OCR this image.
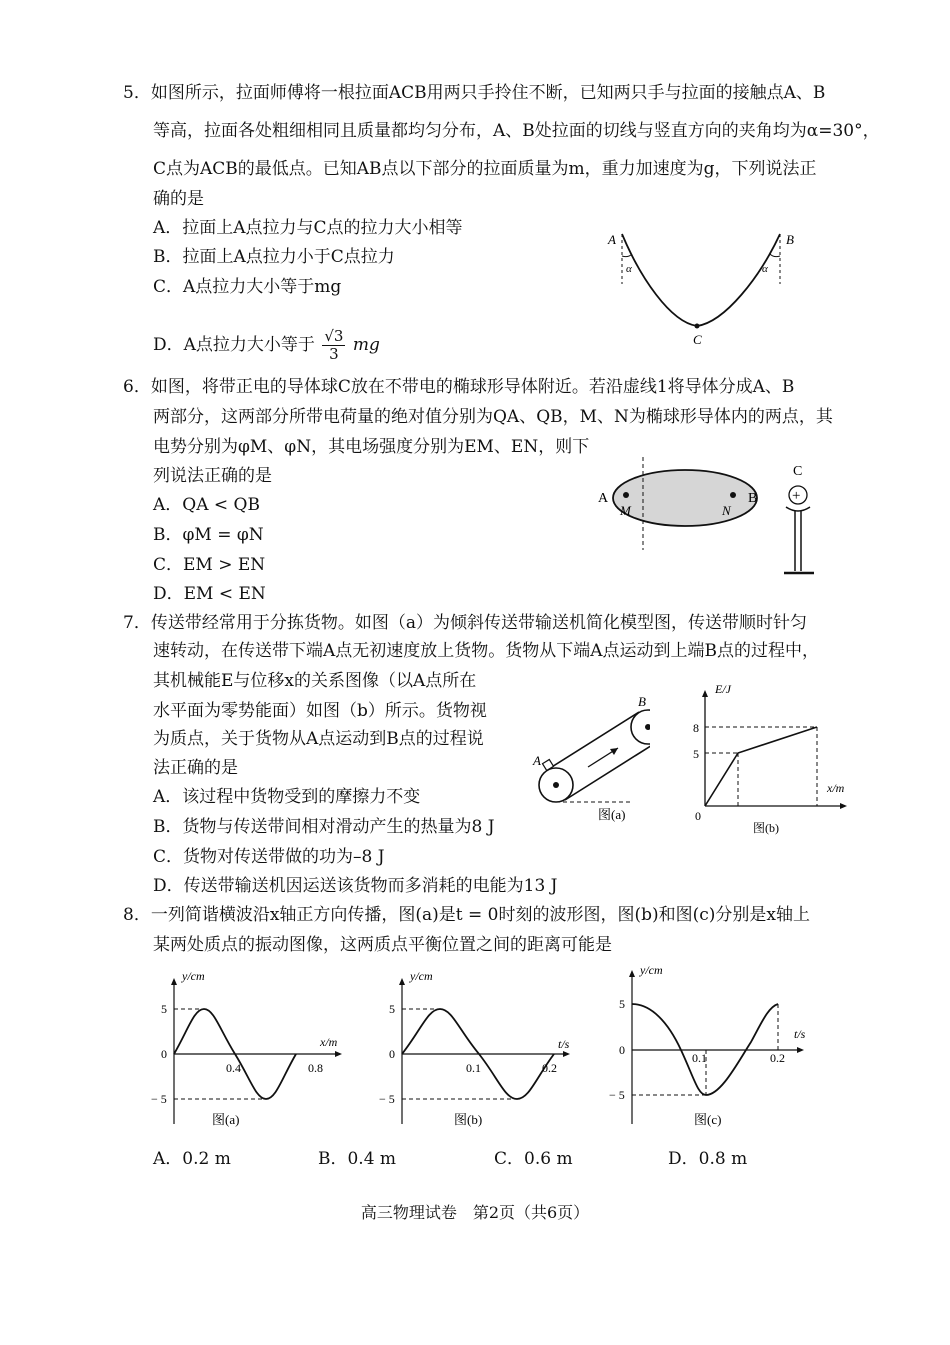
5．如图所示，拉面师傅将一根拉面ACB用两只手拎住不断，已知两只手与拉面的接触点A、B
等高，拉面各处粗细相同且质量都均匀分布，A、B处拉面的切线与竖直方向的夹角均为α=30°，
C点为ACB的最低点。已知AB点以下部分的拉面质量为m，重力加速度为g，下列说法正
确的是
A．拉面上A点拉力与C点的拉力大小相等
B．拉面上A点拉力小于C点拉力
C．A点拉力大小等于mg
D．A点拉力大小等于 $\frac{√3}{3}$ mg
A	B
C
α	α
6．如图，将带正电的导体球C放在不带电的椭球形导体附近。若沿虚线1将导体分成A、B
两部分，这两部分所带电荷量的绝对值分别为QA、QB，M、N为椭球形导体内的两点，其
电势分别为φM、φN，其电场强度分别为EM、EN，则下
列说法正确的是
A．QA < QB
B．φM = φN
C．EM > EN
D．EM < EN
A	B
M	N
C
+
7．传送带经常用于分拣货物。如图（a）为倾斜传送带输送机简化模型图，传送带顺时针匀
速转动，在传送带下端A点无初速度放上货物。货物从下端A点运动到上端B点的过程中，
其机械能E与位移x的关系图像（以A点所在
水平面为零势能面）如图（b）所示。货物视
为质点，关于货物从A点运动到B点的过程说
法正确的是
A．该过程中货物受到的摩擦力不变
B．货物与传送带间相对滑动产生的热量为8 J
C．货物对传送带做的功为–8 J
D．传送带输送机因运送该货物而多消耗的电能为13 J
A
B
图(a)
E/J
x/m
8
5
0
图(b)
8．一列简谐横波沿x轴正方向传播，图(a)是t = 0时刻的波形图，图(b)和图(c)分别是x轴上
某两处质点的振动图像，这两质点平衡位置之间的距离可能是
y/cm
x/m
5
− 5
0
0.4	0.8
图(a)
y/cm
t/s
5
− 5
0
0.1	0.2
图(b)
y/cm
t/s
5
− 5
0
0.1	0.2
图(c)
A．0.2 m	B．0.4 m	C．0.6 m	D．0.8 m
高三物理试卷　第2页（共6页）
